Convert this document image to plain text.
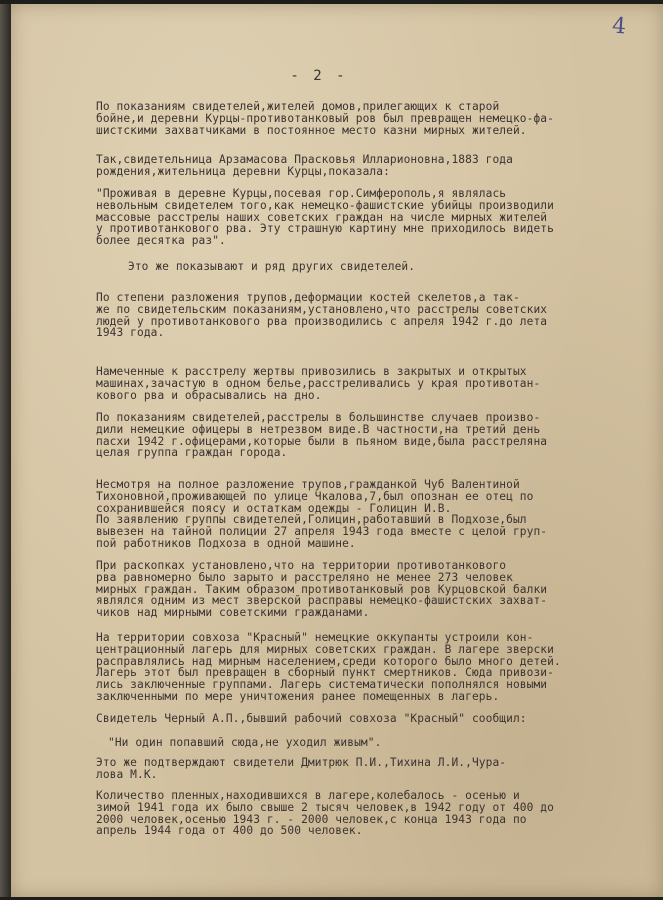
4
- 2 -

По показаниям свидетелей,жителей домов,прилегающих к старой
бойне,и деревни Курцы-противотанковый ров был превращен немецко-фа-
шистскими захватчиками в постоянное место казни мирных жителей.

Так,свидетельница Арзамасова Прасковья Илларионовна,1883 года
рождения,жительница деревни Курцы,показала:

"Проживая в деревне Курцы,посевая гор.Симферополь,я являлась
невольным свидетелем того,как немецко-фашистские убийцы производили
массовые расстрелы наших советских граждан на числе мирных жителей
у противотанкового рва. Эту страшную картину мне приходилось видеть
более десятка раз".

Это же показывают и ряд других свидетелей.

По степени разложения трупов,деформации костей скелетов,а так-
же по свидетельским показаниям,установлено,что расстрелы советских
людей у противотанкового рва производились с апреля 1942 г.до лета
1943 года.

Намеченные к расстрелу жертвы привозились в закрытых и открытых
машинах,зачастую в одном белье,расстреливались у края противотан-
кового рва и обрасывались на дно.

По показаниям свидетелей,расстрелы в большинстве случаев произво-
дили немецкие офицеры в нетрезвом виде.В частности,на третий день
пасхи 1942 г.офицерами,которые были в пьяном виде,была расстреляна
целая группа граждан города.

Несмотря на полное разложение трупов,гражданкой Чуб Валентиной
Тихоновной,проживающей по улице Чкалова,7,был опознан ее отец по
сохранившейся поясу и остаткам одежды - Голицин И.В.

По заявлению группы свидетелей,Голицин,работавший в Подхозе,был
вывезен на тайной полиции 27 апреля 1943 года вместе с целой груп-
пой работников Подхоза в одной машине.

При раскопках установлено,что на территории противотанкового
рва равномерно было зарыто и расстреляно не менее 273 человек
мирных граждан. Таким образом противотанковый ров Курцовской балки
являлся одним из мест зверской расправы немецко-фашистских захват-
чиков над мирными советскими гражданами.

На территории совхоза "Красный" немецкие оккупанты устроили кон-
центрационный лагерь для мирных советских граждан. В лагере зверски
расправлялись над мирным населением,среди которого было много детей.
Лагерь этот был превращен в сборный пункт смертников. Сюда привози-
лись заключенные группами. Лагерь систематически пополнялся новыми
заключенными по мере уничтожения ранее помещенных в лагерь.

Свидетель Черный А.П.,бывший рабочий совхоза "Красный" сообщил:

"Ни один попавший сюда,не уходил живым".

Это же подтверждают свидетели Дмитрюк П.И.,Тихина Л.И.,Чура-
лова М.К.

Количество пленных,находившихся в лагере,колебалось - осенью и
зимой 1941 года их было свыше 2 тысяч человек,в 1942 году от 400 до
2000 человек,осенью 1943 г. - 2000 человек,с конца 1943 года по
апрель 1944 года от 400 до 500 человек.
